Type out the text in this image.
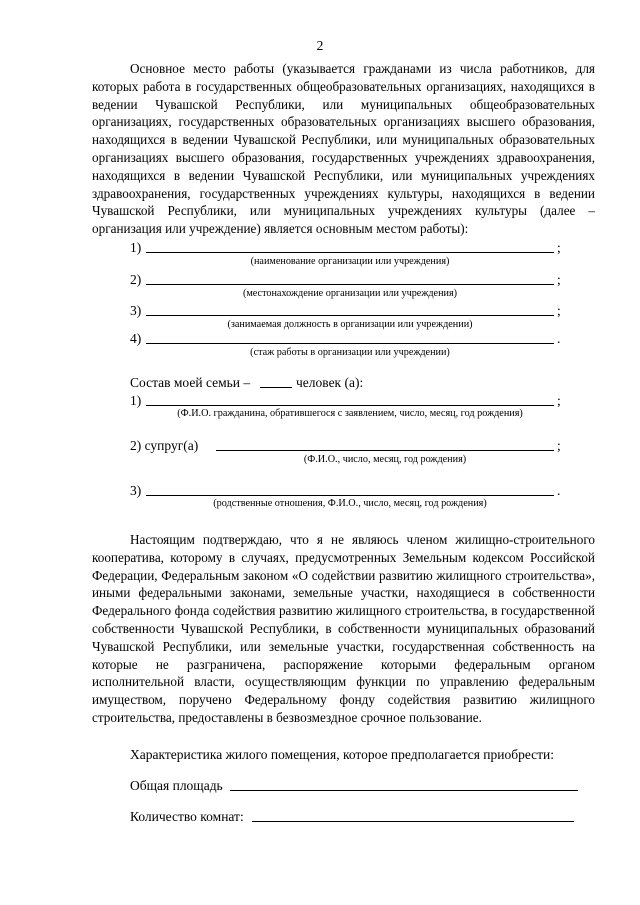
2

Основное место работы (указывается гражданами из числа работников, для которых работа в государственных общеобразовательных организациях, находящихся в ведении Чувашской Республики, или муниципальных общеобразовательных организациях, государственных образовательных организациях высшего образования, находящихся в ведении Чувашской Республики, или муниципальных образовательных организациях высшего образования, государственных учреждениях здравоохранения, находящихся в ведении Чувашской Республики, или муниципальных учреждениях здравоохранения, государственных учреждениях культуры, находящихся в ведении Чувашской Республики, или муниципальных учреждениях культуры (далее – организация или учреждение) является основным местом работы):

1)	;
(наименование организации или учреждения)
2)	;
(местонахождение организации или учреждения)
3)	;
(занимаемая должность в организации или учреждении)
4)	.
(стаж работы в организации или учреждении)
Состав моей семьи –	человек (а):
1)	;
(Ф.И.О. гражданина, обратившегося с заявлением, число, месяц, год рождения)
2) супруг(а)	;
(Ф.И.О., число, месяц, год рождения)
3)	.
(родственные отношения, Ф.И.О., число, месяц, год рождения)

Настоящим подтверждаю, что я не являюсь членом жилищно-строительного кооператива, которому в случаях, предусмотренных Земельным кодексом Российской Федерации, Федеральным законом «О содействии развитию жилищного строительства», иными федеральными законами, земельные участки, находящиеся в собственности Федерального фонда содействия развитию жилищного строительства, в государственной собственности Чувашской Республики, в собственности муниципальных образований Чувашской Республики, или земельные участки, государственная собственность на которые не разграничена, распоряжение которыми федеральным органом исполнительной власти, осуществляющим функции по управлению федеральным имуществом, поручено Федеральному фонду содействия развитию жилищного строительства, предоставлены в безвозмездное срочное пользование.

Характеристика жилого помещения, которое предполагается приобрести:
Общая площадь
Количество комнат:
